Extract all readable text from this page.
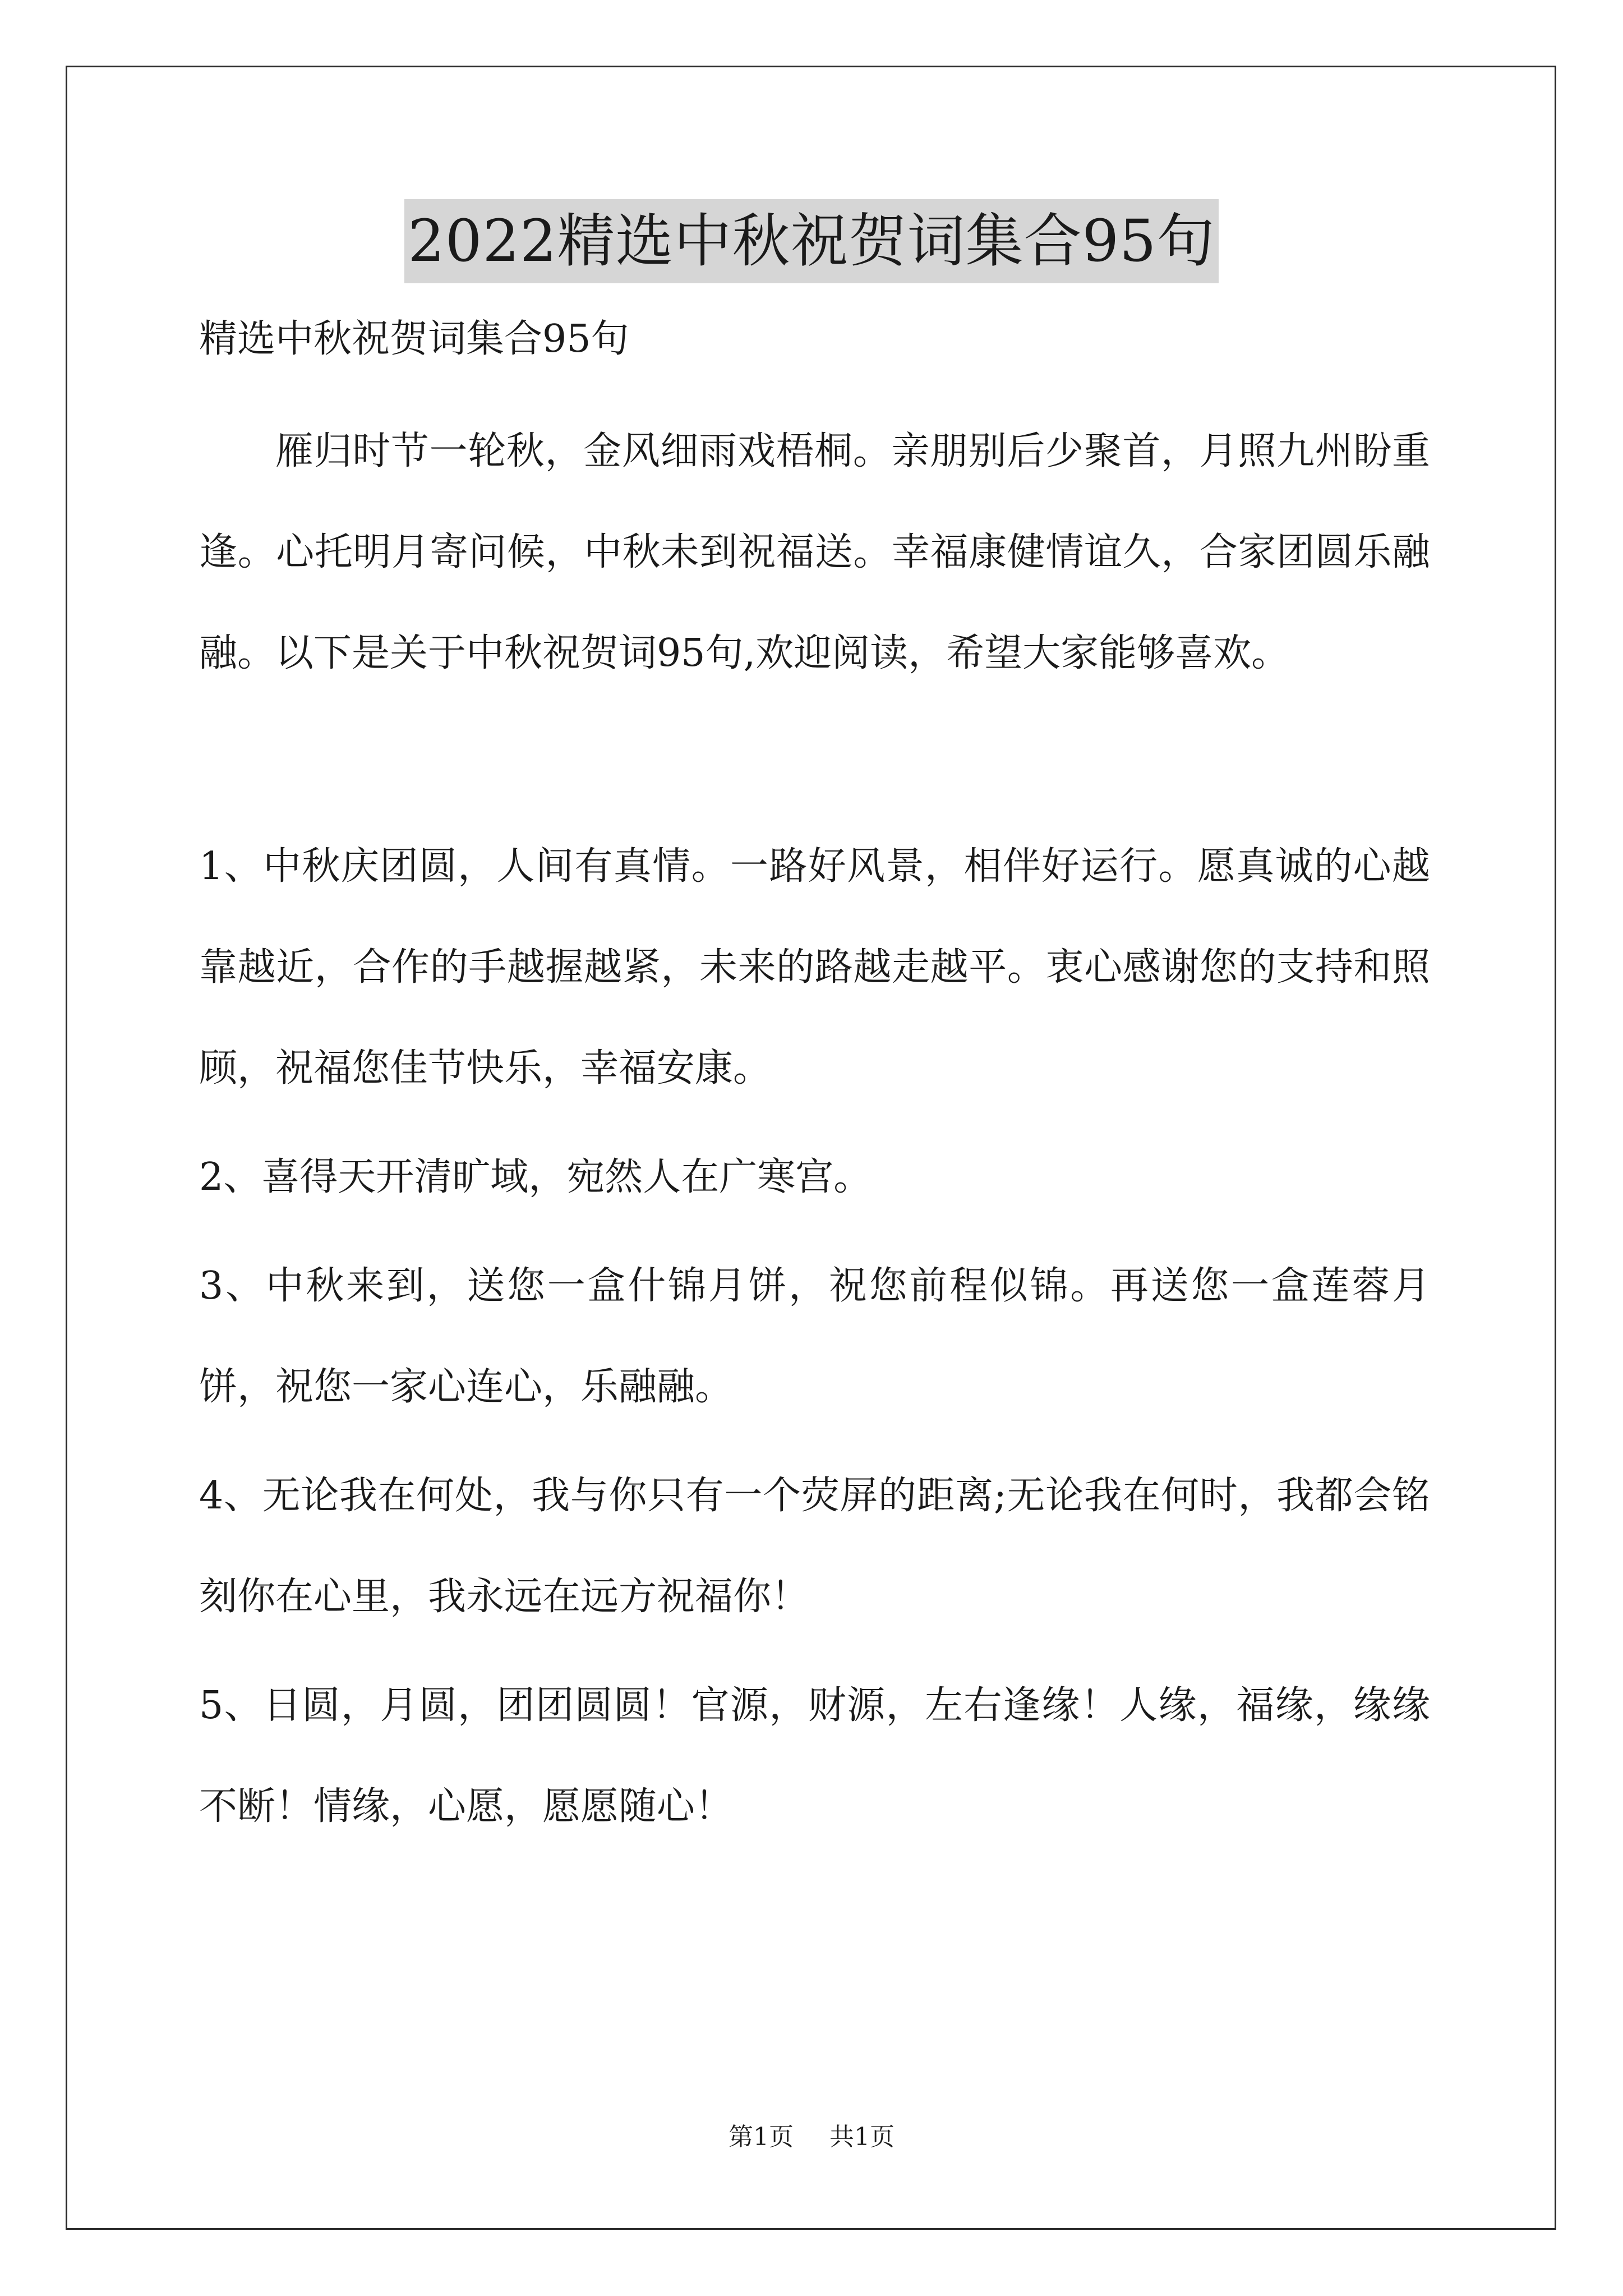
2022精选中秋祝贺词集合95句

精选中秋祝贺词集合95句

雁归时节一轮秋，金风细雨戏梧桐。亲朋别后少聚首，月照九州盼重逢。心托明月寄问候，中秋未到祝福送。幸福康健情谊久，合家团圆乐融融。以下是关于中秋祝贺词95句,欢迎阅读，希望大家能够喜欢。

1、中秋庆团圆，人间有真情。一路好风景，相伴好运行。愿真诚的心越靠越近，合作的手越握越紧，未来的路越走越平。衷心感谢您的支持和照顾，祝福您佳节快乐，幸福安康。

2、喜得天开清旷域，宛然人在广寒宫。

3、中秋来到，送您一盒什锦月饼，祝您前程似锦。再送您一盒莲蓉月饼，祝您一家心连心，乐融融。

4、无论我在何处，我与你只有一个荧屏的距离;无论我在何时，我都会铭刻你在心里，我永远在远方祝福你！

5、日圆，月圆，团团圆圆！官源，财源，左右逢缘！人缘，福缘，缘缘不断！情缘，心愿，愿愿随心！

第1页 共1页
